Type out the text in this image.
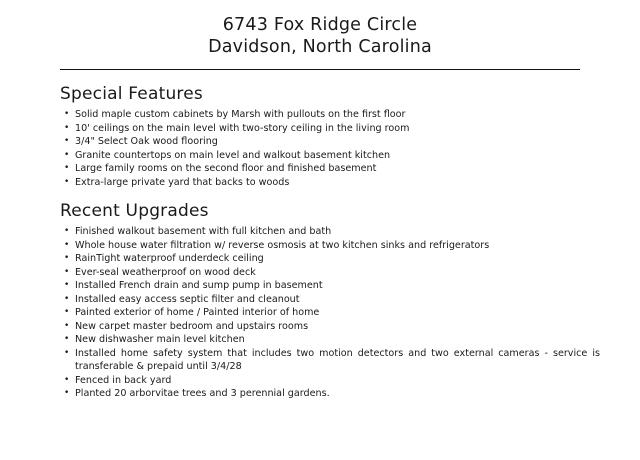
6743 Fox Ridge Circle
Davidson, North Carolina
Special Features
• Solid maple custom cabinets by Marsh with pullouts on the first floor
• 10' ceilings on the main level with two-story ceiling in the living room
• 3/4" Select Oak wood flooring
• Granite countertops on main level and walkout basement kitchen
• Large family rooms on the second floor and finished basement
• Extra-large private yard that backs to woods
Recent Upgrades
• Finished walkout basement with full kitchen and bath
• Whole house water filtration w/ reverse osmosis at two kitchen sinks and refrigerators
• RainTight waterproof underdeck ceiling
• Ever-seal weatherproof on wood deck
• Installed French drain and sump pump in basement
• Installed easy access septic filter and cleanout
• Painted exterior of home / Painted interior of home
• New carpet master bedroom and upstairs rooms
• New dishwasher main level kitchen
• Installed home safety system that includes two motion detectors and two external cameras - service is transferable & prepaid until 3/4/28
• Fenced in back yard
• Planted 20 arborvitae trees and 3 perennial gardens.
